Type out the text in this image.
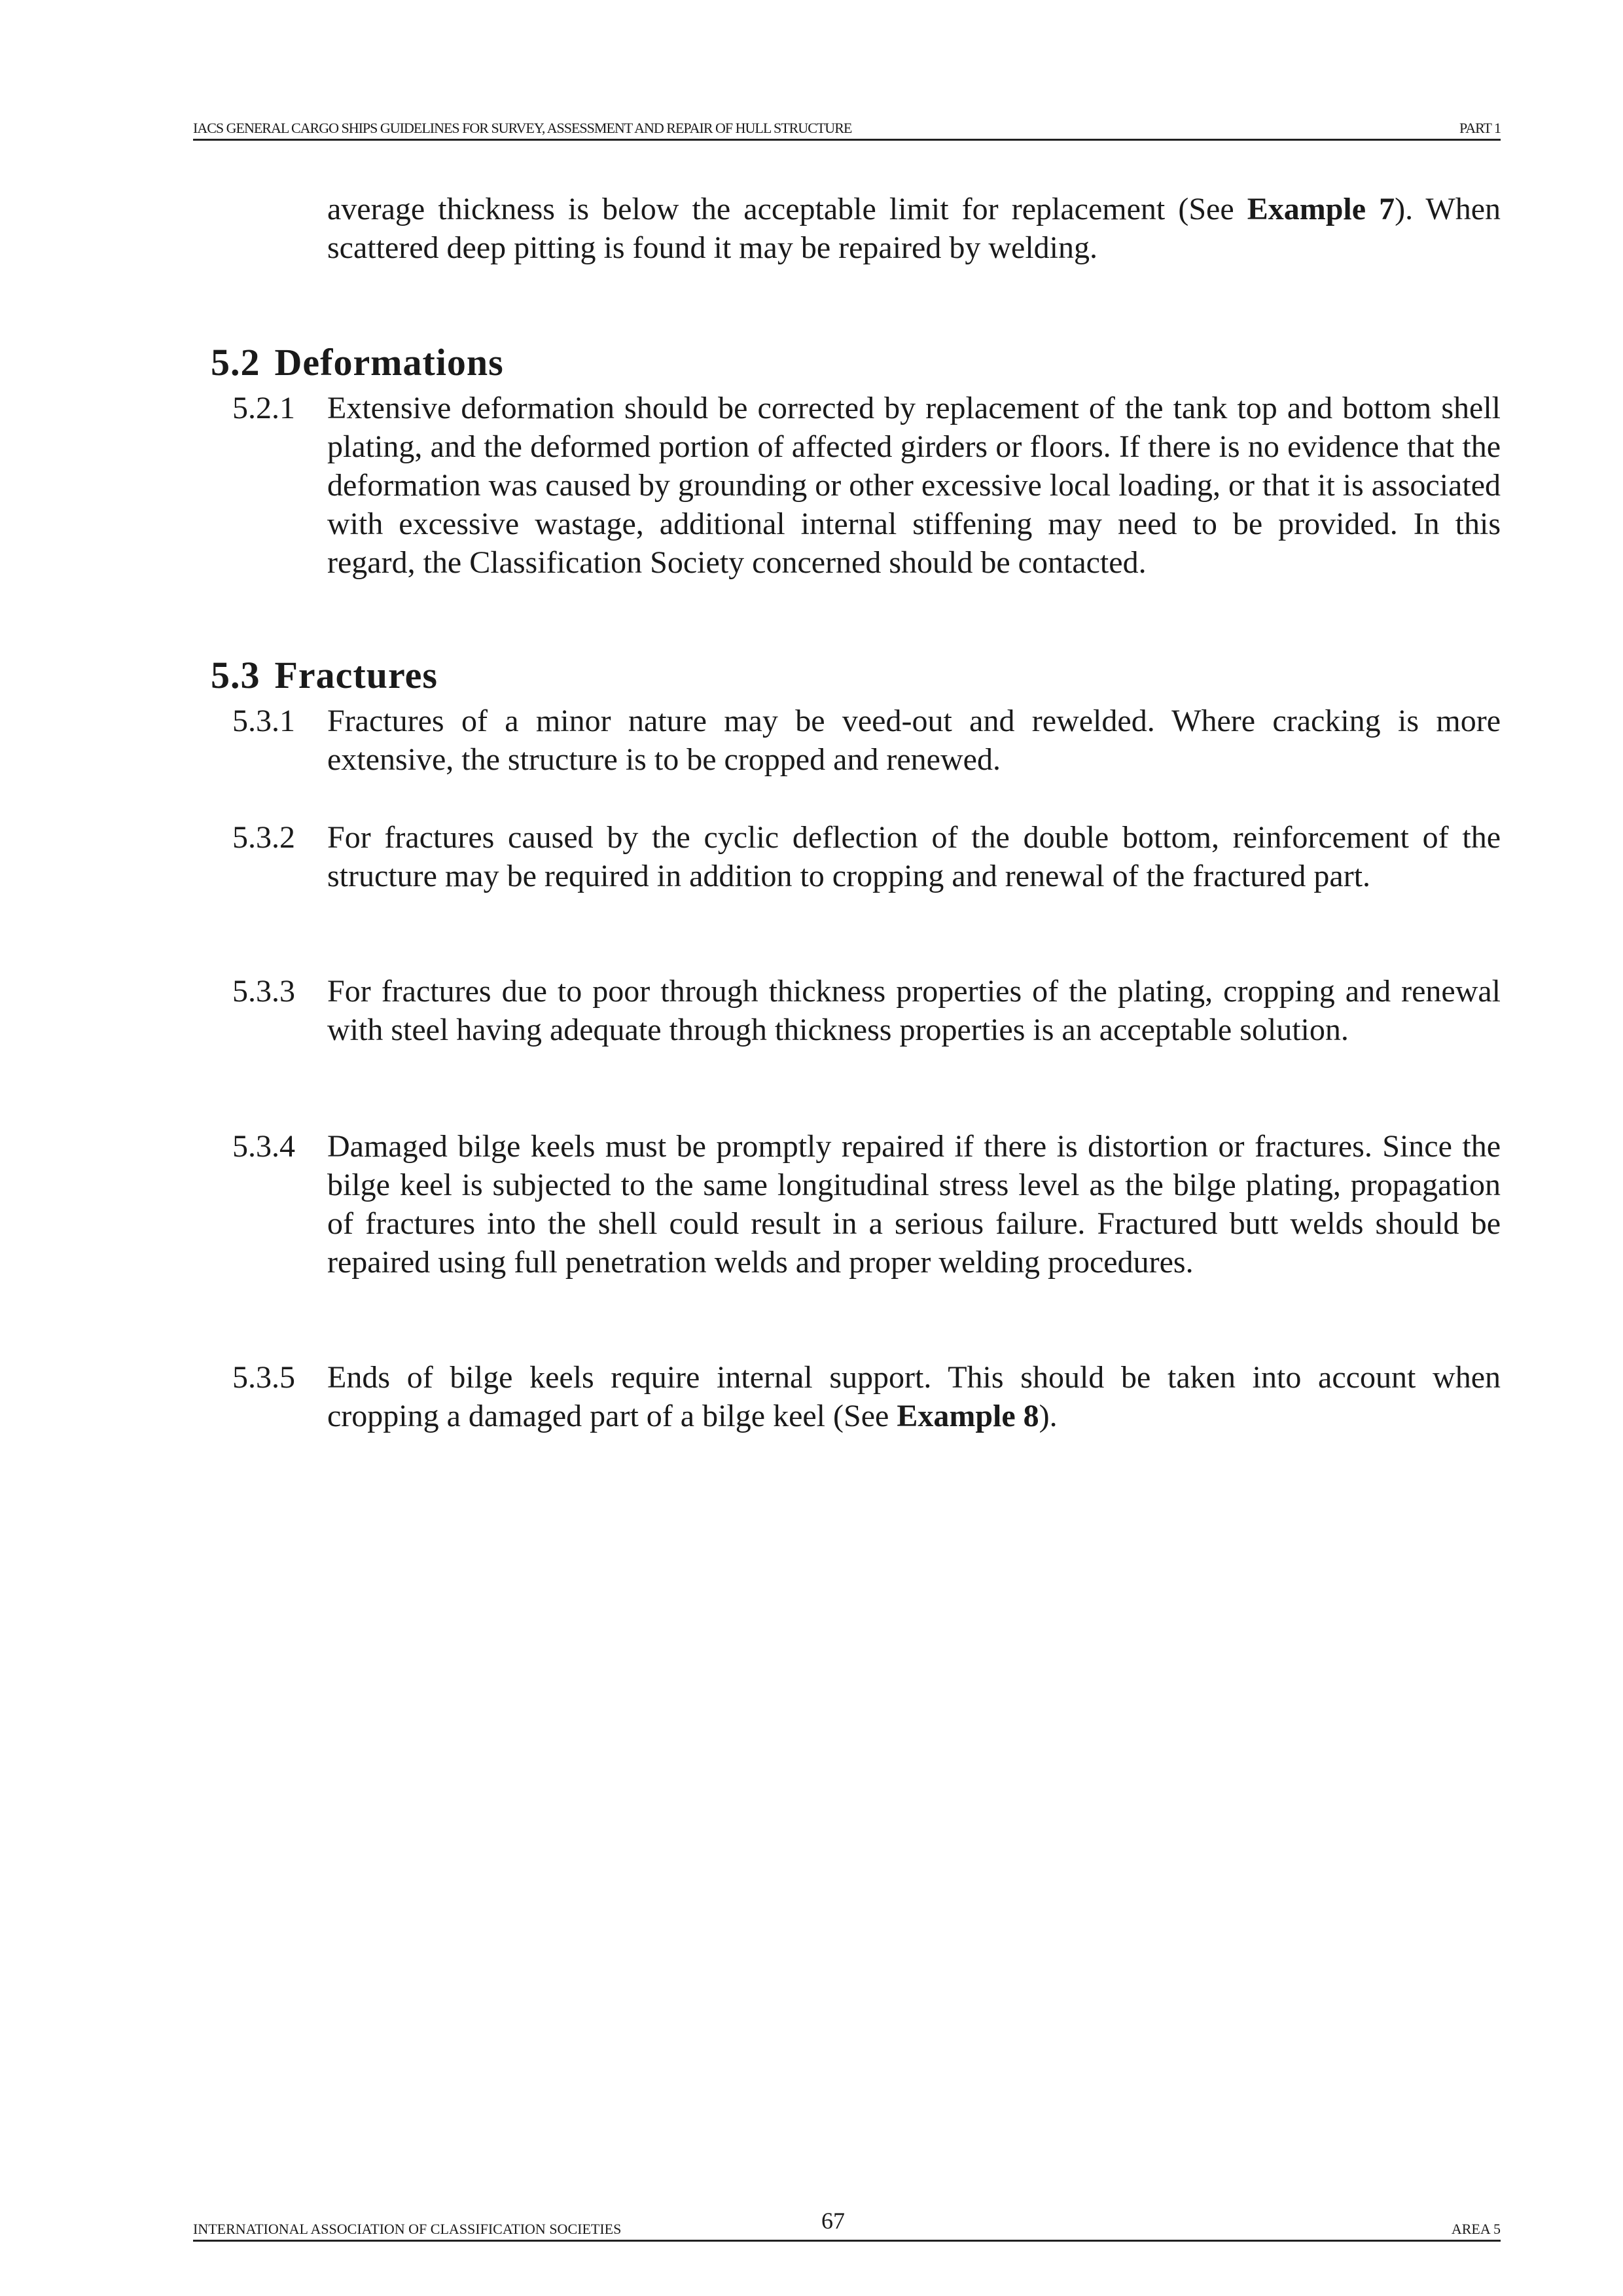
IACS GENERAL CARGO SHIPS GUIDELINES FOR SURVEY, ASSESSMENT AND REPAIR OF HULL STRUCTURE	PART 1
average thickness is below the acceptable limit for replacement (See Example 7). When scattered deep pitting is found it may be repaired by welding.
5.2 Deformations
5.2.1 Extensive deformation should be corrected by replacement of the tank top and bottom shell plating, and the deformed portion of affected girders or floors. If there is no evidence that the deformation was caused by grounding or other excessive local loading, or that it is associated with excessive wastage, additional internal stiffening may need to be provided. In this regard, the Classification Society concerned should be contacted.
5.3 Fractures
5.3.1 Fractures of a minor nature may be veed-out and rewelded. Where cracking is more extensive, the structure is to be cropped and renewed.
5.3.2 For fractures caused by the cyclic deflection of the double bottom, reinforcement of the structure may be required in addition to cropping and renewal of the fractured part.
5.3.3 For fractures due to poor through thickness properties of the plating, cropping and renewal with steel having adequate through thickness properties is an acceptable solution.
5.3.4 Damaged bilge keels must be promptly repaired if there is distortion or fractures. Since the bilge keel is subjected to the same longitudinal stress level as the bilge plating, propagation of fractures into the shell could result in a serious failure. Fractured butt welds should be repaired using full penetration welds and proper welding procedures.
5.3.5 Ends of bilge keels require internal support. This should be taken into account when cropping a damaged part of a bilge keel (See Example 8).
INTERNATIONAL ASSOCIATION OF CLASSIFICATION SOCIETIES	67	AREA 5
